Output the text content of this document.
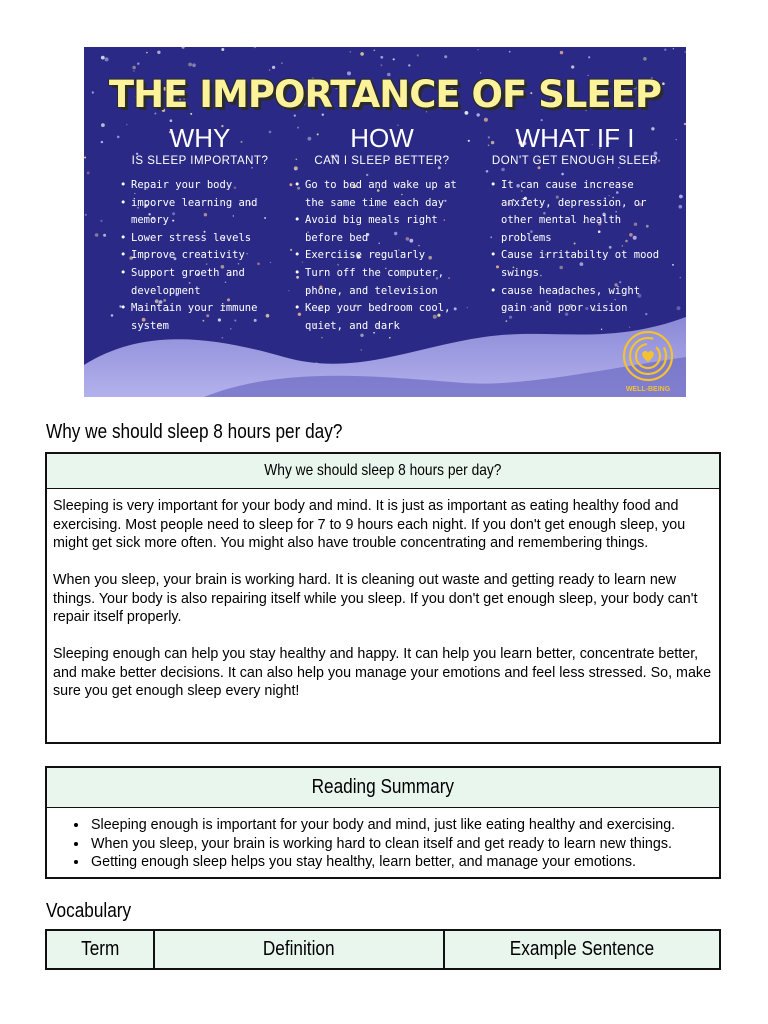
THE IMPORTANCE OF SLEEP
WHY
IS SLEEP IMPORTANT?
• Repair your body
• imporve learning and memory
• Lower stress levels
• Improve creativity
• Support groeth and development
• Maintain your immune system
HOW
CAN I SLEEP BETTER?
• Go to bed and wake up at the same time each day
• Avoid big meals right before bed
• Exerciise regularly
• Turn off the computer, phone, and television
• Keep your bedroom cool, quiet, and dark
WHAT IF I
DON'T GET ENOUGH SLEEP
• It can cause increase anxiety, depression, or other mental health problems
• Cause irritabilty ot mood swings
• cause headaches, wight gain and poor vision
WELL-BEING
Why we should sleep 8 hours per day?
Why we should sleep 8 hours per day?

Sleeping is very important for your body and mind. It is just as important as eating healthy food and exercising. Most people need to sleep for 7 to 9 hours each night. If you don't get enough sleep, you might get sick more often. You might also have trouble concentrating and remembering things.

When you sleep, your brain is working hard. It is cleaning out waste and getting ready to learn new things. Your body is also repairing itself while you sleep. If you don't get enough sleep, your body can't repair itself properly.

Sleeping enough can help you stay healthy and happy. It can help you learn better, concentrate better, and make better decisions. It can also help you manage your emotions and feel less stressed. So, make sure you get enough sleep every night!

Reading Summary
• Sleeping enough is important for your body and mind, just like eating healthy and exercising.
• When you sleep, your brain is working hard to clean itself and get ready to learn new things.
• Getting enough sleep helps you stay healthy, learn better, and manage your emotions.
Vocabulary
Term	Definition	Example Sentence
